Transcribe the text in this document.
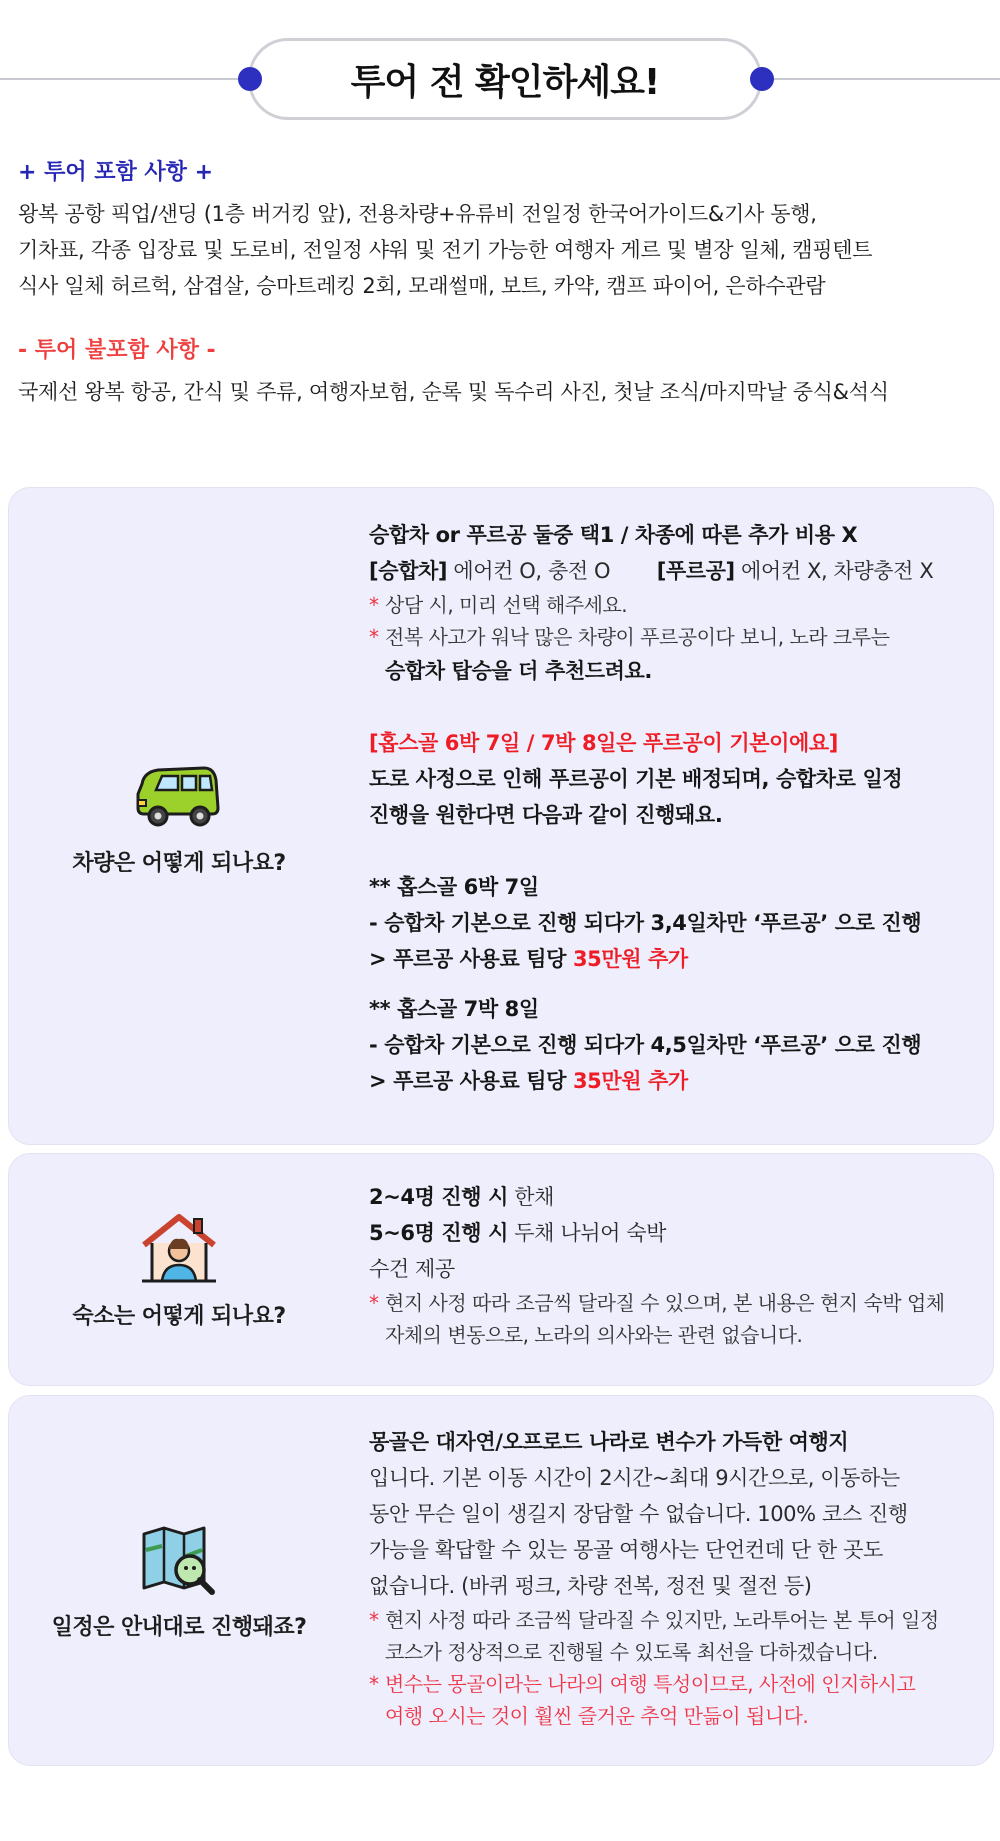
투어 전 확인하세요!
+ 투어 포함 사항 +
왕복 공항 픽업/샌딩 (1층 버거킹 앞), 전용차량+유류비 전일정 한국어가이드&기사 동행,
기차표, 각종 입장료 및 도로비, 전일정 샤워 및 전기 가능한 여행자 게르 및 별장 일체, 캠핑텐트
식사 일체 허르헉, 삼겹살, 승마트레킹 2회, 모래썰매, 보트, 카약, 캠프 파이어, 은하수관람
- 투어 불포함 사항 -
국제선 왕복 항공, 간식 및 주류, 여행자보험, 순록 및 독수리 사진, 첫날 조식/마지막날 중식&석식
차량은 어떻게 되나요?
승합차 or 푸르공 둘중 택1 / 차종에 따른 추가 비용 X
[승합차] 에어컨 O, 충전 O [푸르공] 에어컨 X, 차량충전 X
* 상담 시, 미리 선택 해주세요.
* 전복 사고가 워낙 많은 차량이 푸르공이다 보니, 노라 크루는
승합차 탑승을 더 추천드려요.
[홉스골 6박 7일 / 7박 8일은 푸르공이 기본이에요]
도로 사정으로 인해 푸르공이 기본 배정되며, 승합차로 일정
진행을 원한다면 다음과 같이 진행돼요.
** 홉스골 6박 7일
- 승합차 기본으로 진행 되다가 3,4일차만 ‘푸르공’ 으로 진행
> 푸르공 사용료 팀당 35만원 추가
** 홉스골 7박 8일
- 승합차 기본으로 진행 되다가 4,5일차만 ‘푸르공’ 으로 진행
> 푸르공 사용료 팀당 35만원 추가
숙소는 어떻게 되나요?
2~4명 진행 시 한채
5~6명 진행 시 두채 나뉘어 숙박
수건 제공
* 현지 사정 따라 조금씩 달라질 수 있으며, 본 내용은 현지 숙박 업체
자체의 변동으로, 노라의 의사와는 관련 없습니다.
일정은 안내대로 진행돼죠?
몽골은 대자연/오프로드 나라로 변수가 가득한 여행지
입니다. 기본 이동 시간이 2시간~최대 9시간으로, 이동하는
동안 무슨 일이 생길지 장담할 수 없습니다. 100% 코스 진행
가능을 확답할 수 있는 몽골 여행사는 단언컨데 단 한 곳도
없습니다. (바퀴 펑크, 차량 전복, 정전 및 절전 등)
* 현지 사정 따라 조금씩 달라질 수 있지만, 노라투어는 본 투어 일정
코스가 정상적으로 진행될 수 있도록 최선을 다하겠습니다.
* 변수는 몽골이라는 나라의 여행 특성이므로, 사전에 인지하시고
여행 오시는 것이 훨씬 즐거운 추억 만듦이 됩니다.
